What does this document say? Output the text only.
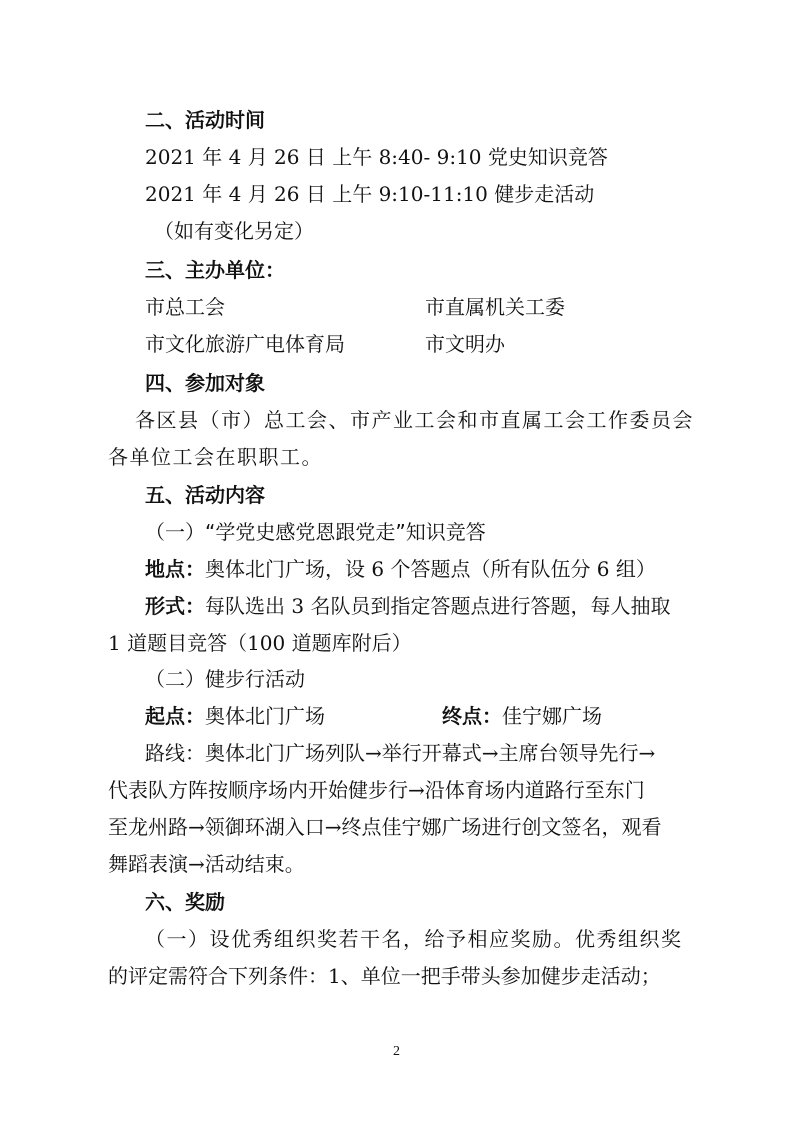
二、活动时间
2021 年 4 月 26 日 上午 8:40- 9:10 党史知识竞答
2021 年 4 月 26 日 上午 9:10-11:10 健步走活动
（如有变化另定）
三、主办单位：
市总工会	市直属机关工委
市文化旅游广电体育局	市文明办
四、参加对象
各区县（市）总工会、市产业工会和市直属工会工作委员会
各单位工会在职职工。
五、活动内容
（一）“学党史感党恩跟党走”知识竞答
地点：奥体北门广场，设 6 个答题点（所有队伍分 6 组）
形式：每队选出 3 名队员到指定答题点进行答题，每人抽取
1 道题目竞答（100 道题库附后）
（二）健步行活动
起点：奥体北门广场	终点：佳宁娜广场
路线：奥体北门广场列队→举行开幕式→主席台领导先行→
代表队方阵按顺序场内开始健步行→沿体育场内道路行至东门
至龙州路→领御环湖入口→终点佳宁娜广场进行创文签名，观看
舞蹈表演→活动结束。
六、奖励
（一）设优秀组织奖若干名，给予相应奖励。优秀组织奖
的评定需符合下列条件：1、单位一把手带头参加健步走活动；
2
